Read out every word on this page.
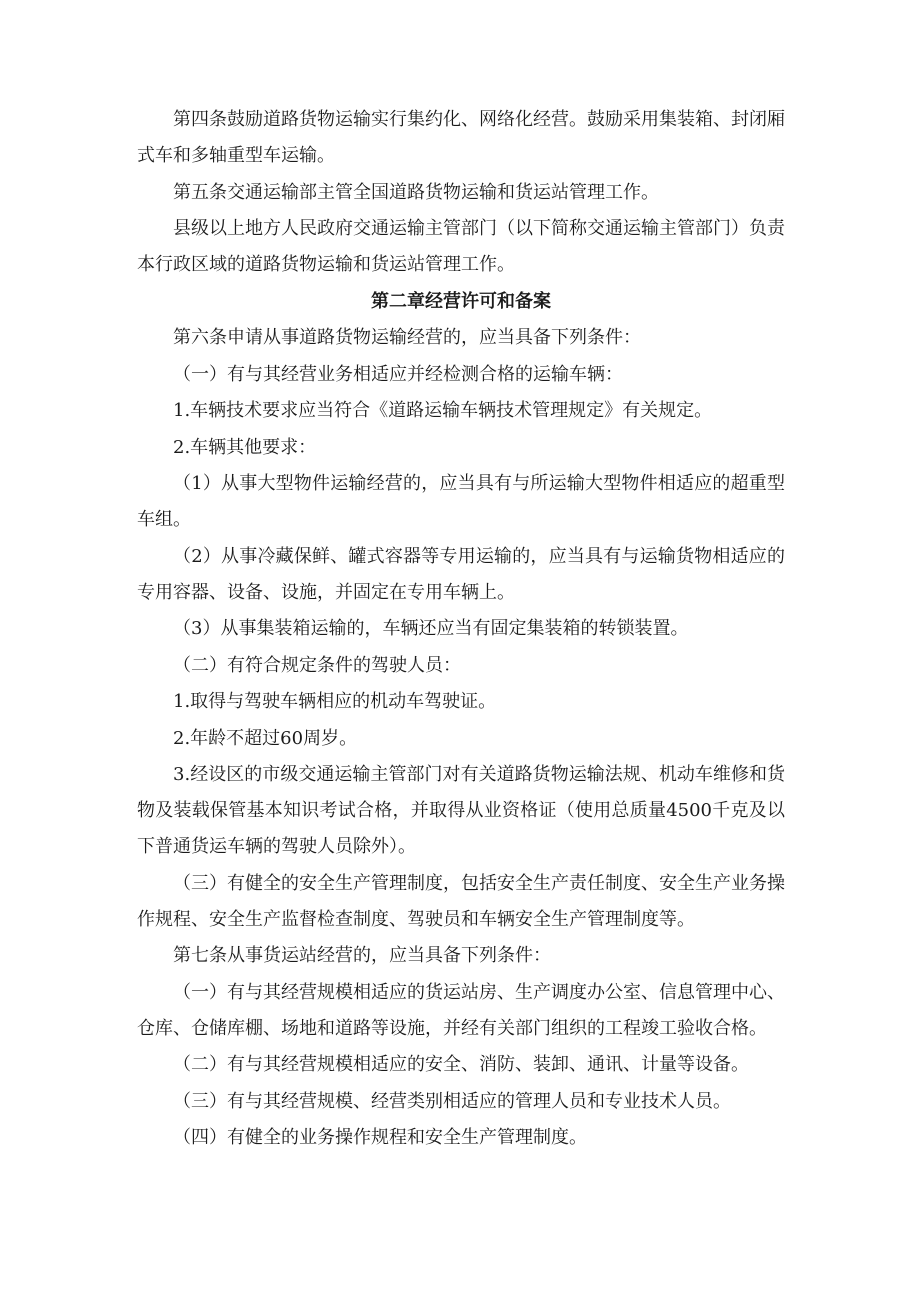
第四条鼓励道路货物运输实行集约化、网络化经营。鼓励采用集装箱、封闭厢式车和多轴重型车运输。

第五条交通运输部主管全国道路货物运输和货运站管理工作。

县级以上地方人民政府交通运输主管部门（以下简称交通运输主管部门）负责本行政区域的道路货物运输和货运站管理工作。

第二章经营许可和备案

第六条申请从事道路货物运输经营的，应当具备下列条件：

（一）有与其经营业务相适应并经检测合格的运输车辆：

1.车辆技术要求应当符合《道路运输车辆技术管理规定》有关规定。

2.车辆其他要求：

（1）从事大型物件运输经营的，应当具有与所运输大型物件相适应的超重型车组。

（2）从事冷藏保鲜、罐式容器等专用运输的，应当具有与运输货物相适应的专用容器、设备、设施，并固定在专用车辆上。

（3）从事集装箱运输的，车辆还应当有固定集装箱的转锁装置。

（二）有符合规定条件的驾驶人员：

1.取得与驾驶车辆相应的机动车驾驶证。

2.年龄不超过60周岁。

3.经设区的市级交通运输主管部门对有关道路货物运输法规、机动车维修和货物及装载保管基本知识考试合格，并取得从业资格证（使用总质量4500千克及以下普通货运车辆的驾驶人员除外）。

（三）有健全的安全生产管理制度，包括安全生产责任制度、安全生产业务操作规程、安全生产监督检查制度、驾驶员和车辆安全生产管理制度等。

第七条从事货运站经营的，应当具备下列条件：

（一）有与其经营规模相适应的货运站房、生产调度办公室、信息管理中心、仓库、仓储库棚、场地和道路等设施，并经有关部门组织的工程竣工验收合格。

（二）有与其经营规模相适应的安全、消防、装卸、通讯、计量等设备。

（三）有与其经营规模、经营类别相适应的管理人员和专业技术人员。

（四）有健全的业务操作规程和安全生产管理制度。
